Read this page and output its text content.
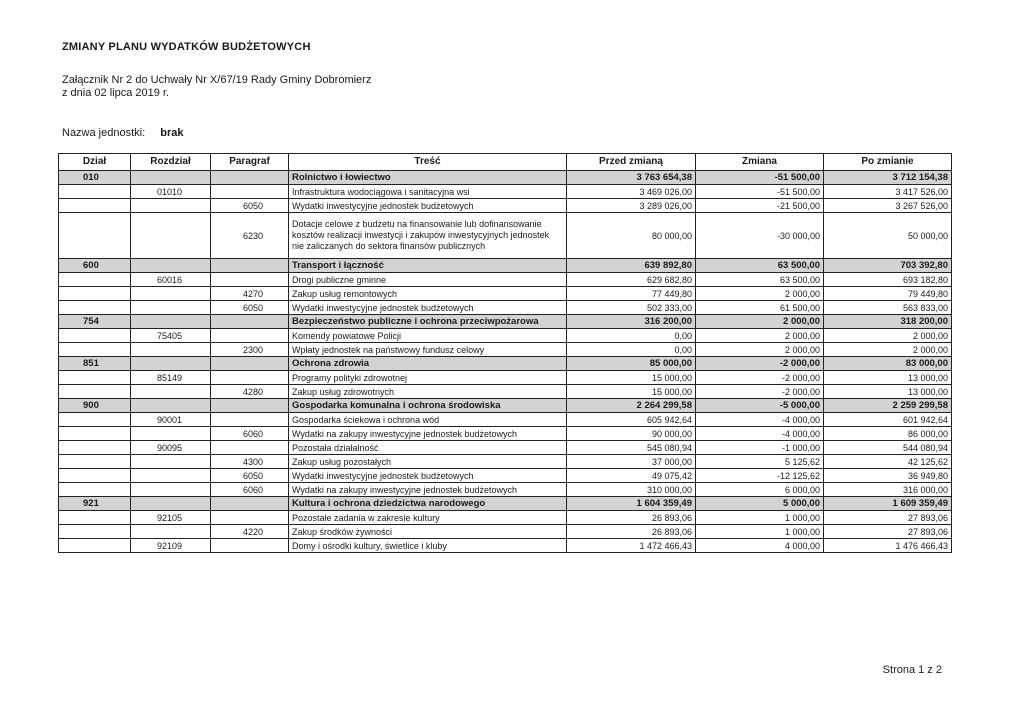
ZMIANY PLANU WYDATKÓW BUDŻETOWYCH
Załącznik Nr 2 do Uchwały Nr X/67/19 Rady Gminy Dobromierz
z dnia 02 lipca 2019 r.
Nazwa jednostki: brak
Dział	Rozdział	Paragraf	Treść	Przed zmianą	Zmiana	Po zmianie
010			Rolnictwo i łowiectwo	3 763 654,38	-51 500,00	3 712 154,38
	01010		Infrastruktura wodociągowa i sanitacyjna wsi	3 469 026,00	-51 500,00	3 417 526,00
		6050	Wydatki inwestycyjne jednostek budżetowych	3 289 026,00	-21 500,00	3 267 526,00
		6230	Dotacje celowe z budżetu na finansowanie lub dofinansowanie kosztów realizacji inwestycji i zakupów inwestycyjnych jednostek nie zaliczanych do sektora finansów publicznych	80 000,00	-30 000,00	50 000,00
600			Transport i łączność	639 892,80	63 500,00	703 392,80
	60016		Drogi publiczne gminne	629 682,80	63 500,00	693 182,80
		4270	Zakup usług remontowych	77 449,80	2 000,00	79 449,80
		6050	Wydatki inwestycyjne jednostek budżetowych	502 333,00	61 500,00	563 833,00
754			Bezpieczeństwo publiczne i ochrona przeciwpożarowa	316 200,00	2 000,00	318 200,00
	75405		Komendy powiatowe Policji	0,00	2 000,00	2 000,00
		2300	Wpłaty jednostek na państwowy fundusz celowy	0,00	2 000,00	2 000,00
851			Ochrona zdrowia	85 000,00	-2 000,00	83 000,00
	85149		Programy polityki zdrowotnej	15 000,00	-2 000,00	13 000,00
		4280	Zakup usług zdrowotnych	15 000,00	-2 000,00	13 000,00
900			Gospodarka komunalna i ochrona środowiska	2 264 299,58	-5 000,00	2 259 299,58
	90001		Gospodarka ściekowa i ochrona wód	605 942,64	-4 000,00	601 942,64
		6060	Wydatki na zakupy inwestycyjne jednostek budżetowych	90 000,00	-4 000,00	86 000,00
	90095		Pozostała działalność	545 080,94	-1 000,00	544 080,94
		4300	Zakup usług pozostałych	37 000,00	5 125,62	42 125,62
		6050	Wydatki inwestycyjne jednostek budżetowych	49 075,42	-12 125,62	36 949,80
		6060	Wydatki na zakupy inwestycyjne jednostek budżetowych	310 000,00	6 000,00	316 000,00
921			Kultura i ochrona dziedzictwa narodowego	1 604 359,49	5 000,00	1 609 359,49
	92105		Pozostałe zadania w zakresie kultury	26 893,06	1 000,00	27 893,06
		4220	Zakup środków żywności	26 893,06	1 000,00	27 893,06
	92109		Domy i ośrodki kultury, świetlice i kluby	1 472 466,43	4 000,00	1 476 466,43
Strona 1 z 2
